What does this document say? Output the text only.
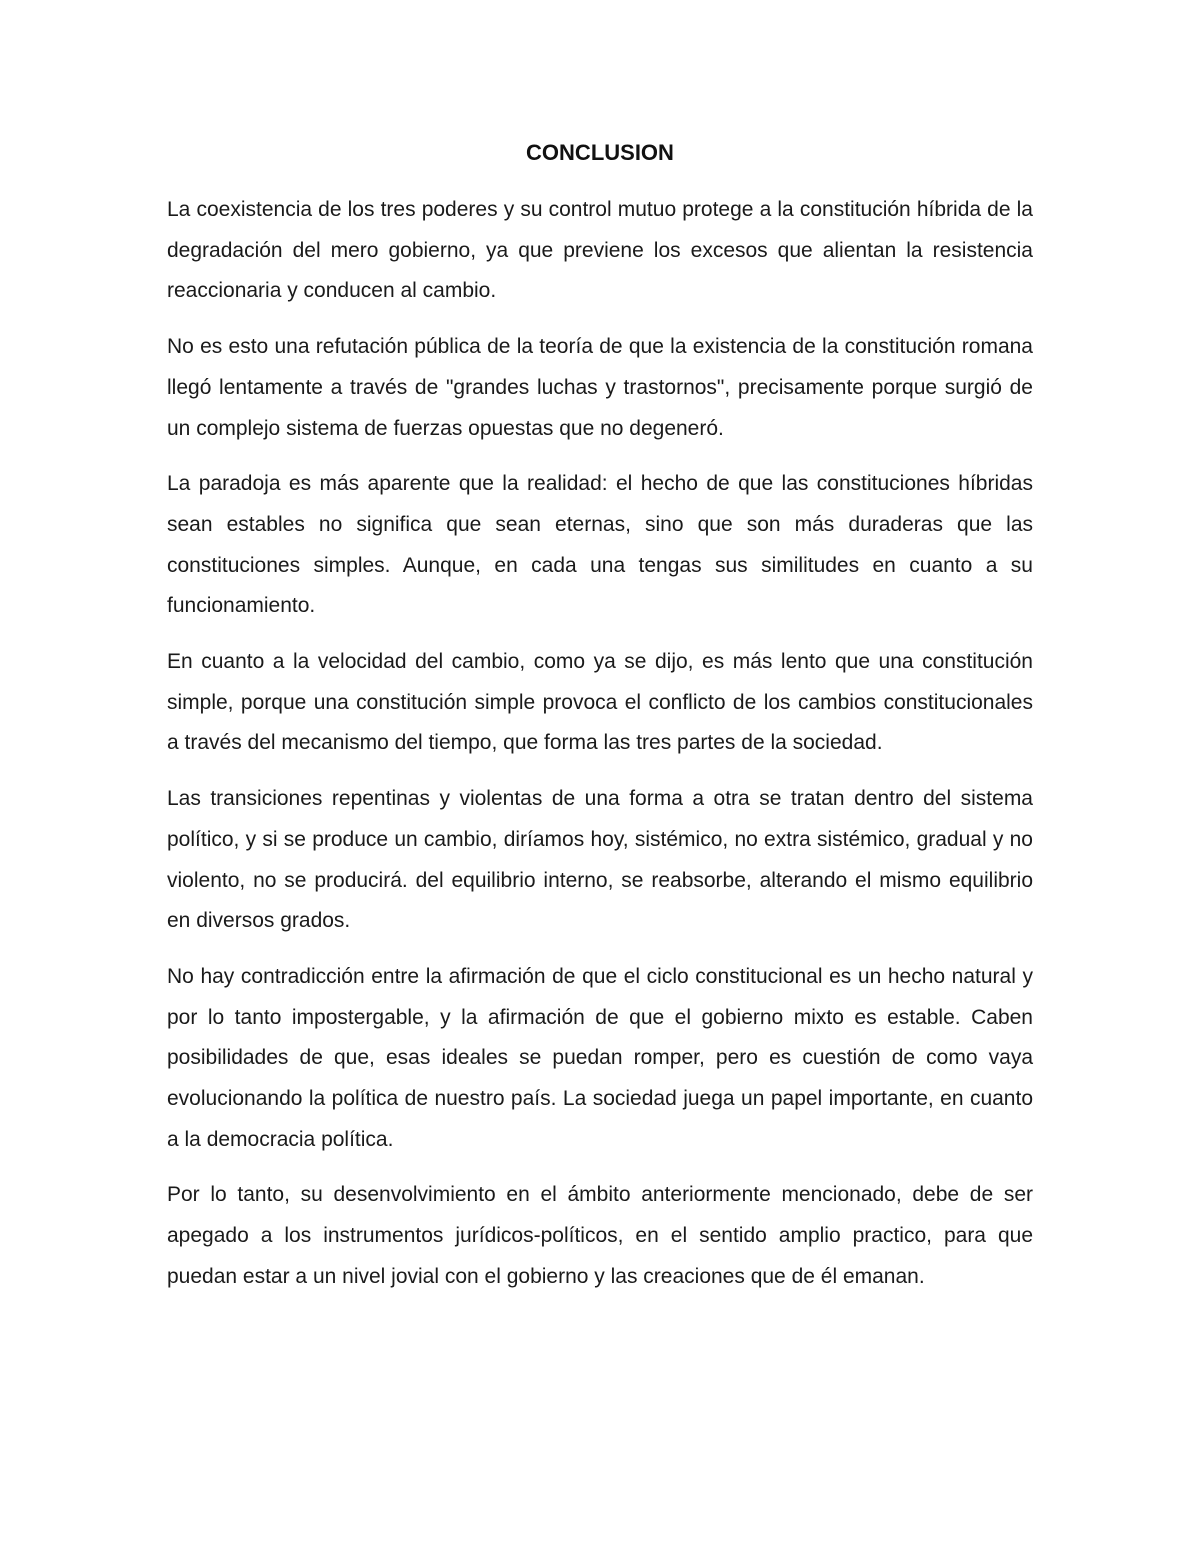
CONCLUSION

La coexistencia de los tres poderes y su control mutuo protege a la constitución híbrida de la degradación del mero gobierno, ya que previene los excesos que alientan la resistencia reaccionaria y conducen al cambio.

No es esto una refutación pública de la teoría de que la existencia de la constitución romana llegó lentamente a través de "grandes luchas y trastornos", precisamente porque surgió de un complejo sistema de fuerzas opuestas que no degeneró.

La paradoja es más aparente que la realidad: el hecho de que las constituciones híbridas sean estables no significa que sean eternas, sino que son más duraderas que las constituciones simples. Aunque, en cada una tengas sus similitudes en cuanto a su funcionamiento.

En cuanto a la velocidad del cambio, como ya se dijo, es más lento que una constitución simple, porque una constitución simple provoca el conflicto de los cambios constitucionales a través del mecanismo del tiempo, que forma las tres partes de la sociedad.

Las transiciones repentinas y violentas de una forma a otra se tratan dentro del sistema político, y si se produce un cambio, diríamos hoy, sistémico, no extra sistémico, gradual y no violento, no se producirá. del equilibrio interno, se reabsorbe, alterando el mismo equilibrio en diversos grados.

No hay contradicción entre la afirmación de que el ciclo constitucional es un hecho natural y por lo tanto impostergable, y la afirmación de que el gobierno mixto es estable. Caben posibilidades de que, esas ideales se puedan romper, pero es cuestión de como vaya evolucionando la política de nuestro país. La sociedad juega un papel importante, en cuanto a la democracia política.

Por lo tanto, su desenvolvimiento en el ámbito anteriormente mencionado, debe de ser apegado a los instrumentos jurídicos-políticos, en el sentido amplio practico, para que puedan estar a un nivel jovial con el gobierno y las creaciones que de él emanan.
